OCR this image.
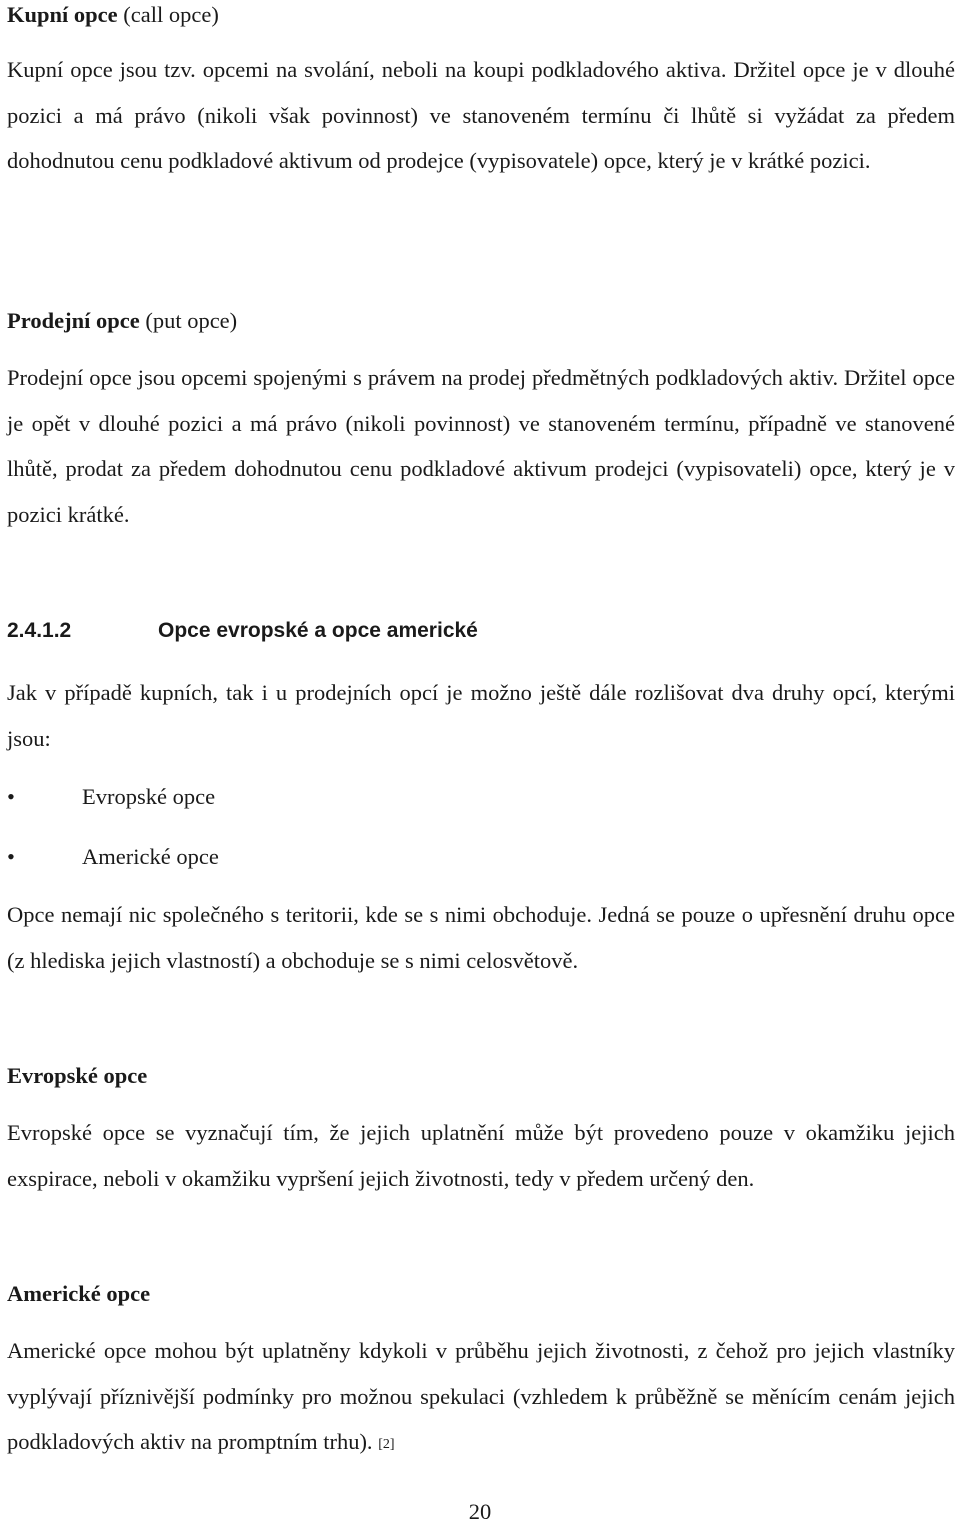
Kupní opce (call opce)

Kupní opce jsou tzv. opcemi na svolání, neboli na koupi podkladového aktiva. Držitel opce je v dlouhé pozici a má právo (nikoli však povinnost) ve stanoveném termínu či lhůtě si vyžádat za předem dohodnutou cenu podkladové aktivum od prodejce (vypisovatele) opce, který je v krátké pozici.

Prodejní opce (put opce)

Prodejní opce jsou opcemi spojenými s právem na prodej předmětných podkladových aktiv. Držitel opce je opět v dlouhé pozici a má právo (nikoli povinnost) ve stanoveném termínu, případně ve stanovené lhůtě, prodat za předem dohodnutou cenu podkladové aktivum prodejci (vypisovateli) opce, který je v pozici krátké.

2.4.1.2	Opce evropské a opce americké

Jak v případě kupních, tak i u prodejních opcí je možno ještě dále rozlišovat dva druhy opcí, kterými jsou:

•	Evropské opce
•	Americké opce

Opce nemají nic společného s teritorii, kde se s nimi obchoduje. Jedná se pouze o upřesnění druhu opce (z hlediska jejich vlastností) a obchoduje se s nimi celosvětově.

Evropské opce

Evropské opce se vyznačují tím, že jejich uplatnění může být provedeno pouze v okamžiku jejich exspirace, neboli v okamžiku vypršení jejich životnosti, tedy v předem určený den.

Americké opce

Americké opce mohou být uplatněny kdykoli v průběhu jejich životnosti, z čehož pro jejich vlastníky vyplývají příznivější podmínky pro možnou spekulaci (vzhledem k průběžně se měnícím cenám jejich podkladových aktiv na promptním trhu). [2]

20
